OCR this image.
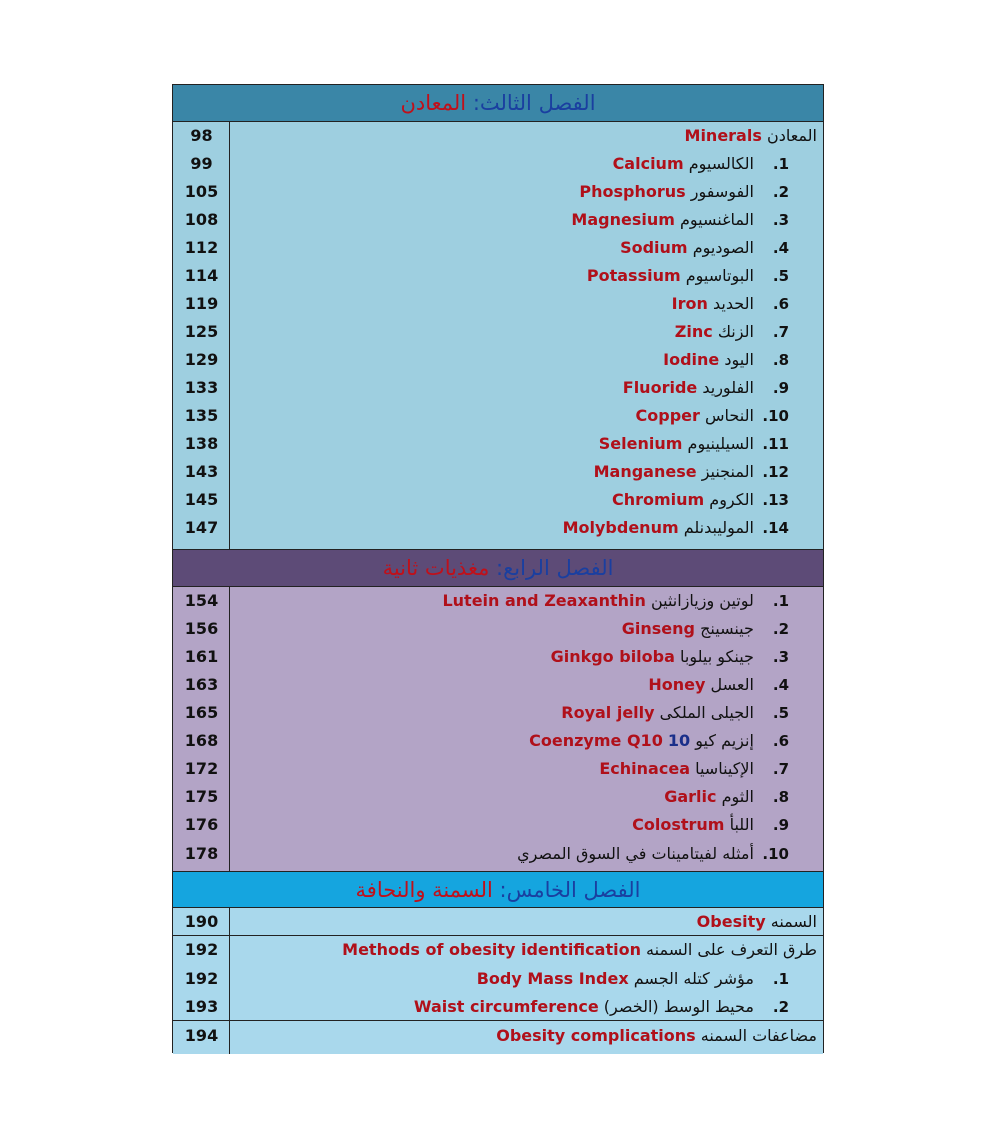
الفصل الثالث: المعادن
98	المعادن Minerals
99	1. الكالسيوم Calcium
105	2. الفوسفور Phosphorus
108	3. الماغنسيوم Magnesium
112	4. الصوديوم Sodium
114	5. البوتاسيوم Potassium
119	6. الحديد Iron
125	7. الزنك Zinc
129	8. اليود Iodine
133	9. الفلوريد Fluoride
135	10. النحاس Copper
138	11. السيلينيوم Selenium
143	12. المنجنيز Manganese
145	13. الكروم Chromium
147	14. الموليبدنلم Molybdenum
الفصل الرابع: مغذيات ثانية
154	1. لوتين وزيازانثين Lutein and Zeaxanthin
156	2. جينسينج Ginseng
161	3. جينكو بيلوبا Ginkgo biloba
163	4. العسل Honey
165	5. الجيلى الملكى Royal jelly
168	6. إنزيم كيو 10 Coenzyme Q10
172	7. الإكيناسيا Echinacea
175	8. الثوم Garlic
176	9. اللبأ Colostrum
178	10. أمثله لفيتامينات في السوق المصري
الفصل الخامس: السمنة والنحافة
190	السمنه Obesity
192	طرق التعرف على السمنه Methods of obesity identification
192	1. مؤشر كتله الجسم Body Mass Index
193	2. محيط الوسط (الخصر) Waist circumference
194	مضاعفات السمنه Obesity complications
